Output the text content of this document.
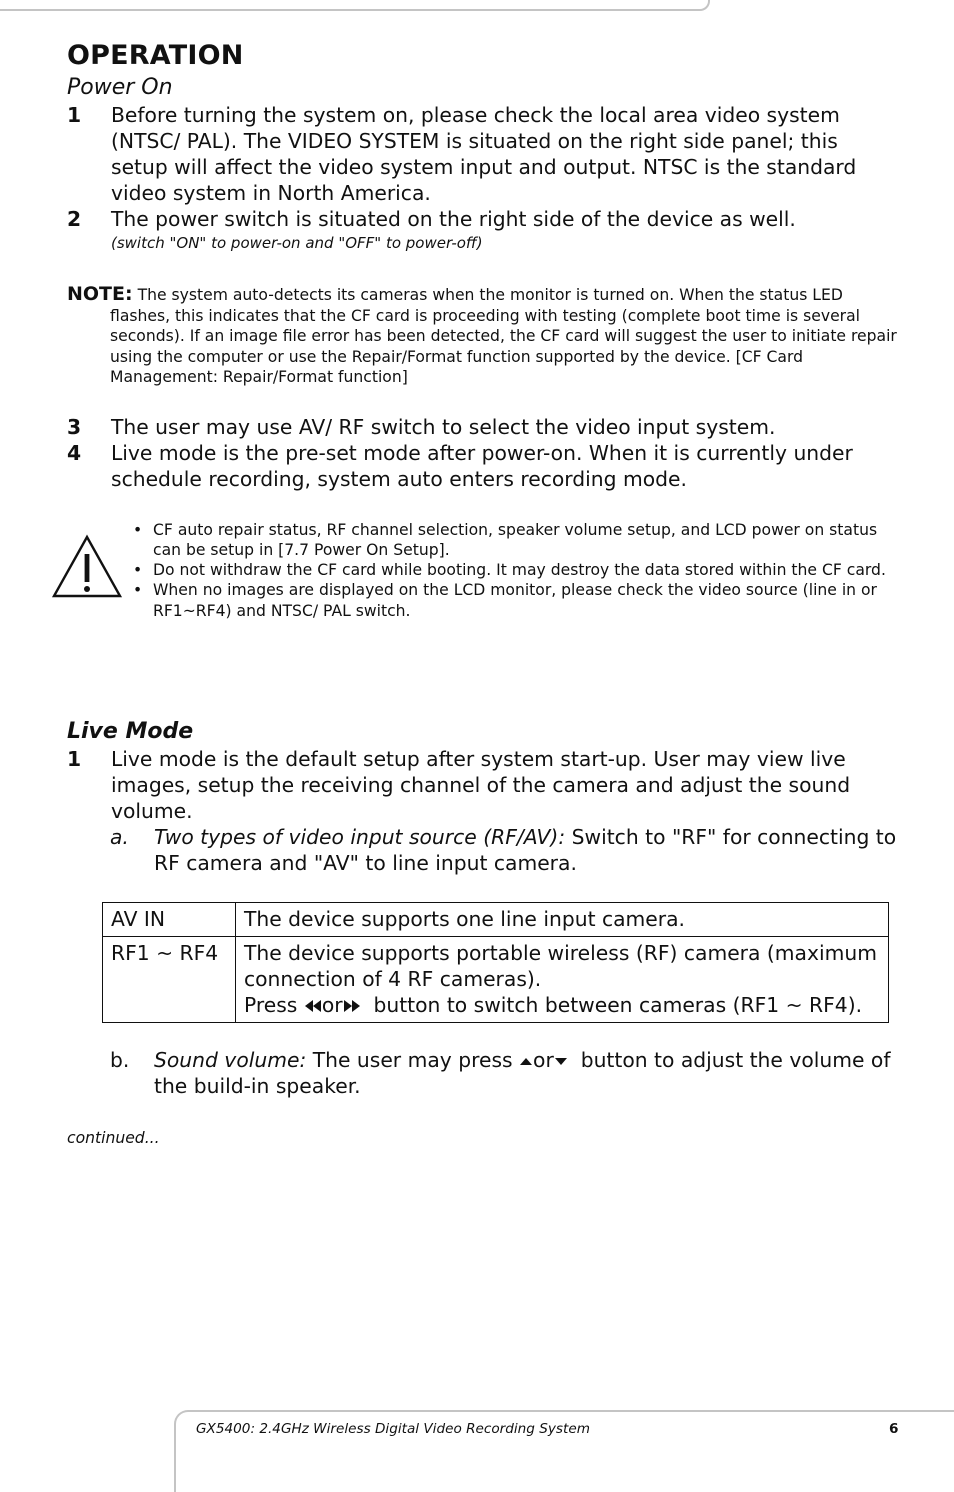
OPERATION
Power On
1 Before turning the system on, please check the local area video system (NTSC/ PAL). The VIDEO SYSTEM is situated on the right side panel; this setup will affect the video system input and output. NTSC is the standard video system in North America.
2 The power switch is situated on the right side of the device as well.
(switch "ON" to power-on and "OFF" to power-off)
NOTE: The system auto-detects its cameras when the monitor is turned on. When the status LED flashes, this indicates that the CF card is proceeding with testing (complete boot time is several seconds). If an image file error has been detected, the CF card will suggest the user to initiate repair using the computer or use the Repair/Format function supported by the device. [CF Card Management: Repair/Format function]
3 The user may use AV/ RF switch to select the video input system.
4 Live mode is the pre-set mode after power-on. When it is currently under schedule recording, system auto enters recording mode.
• CF auto repair status, RF channel selection, speaker volume setup, and LCD power on status can be setup in [7.7 Power On Setup].
• Do not withdraw the CF card while booting. It may destroy the data stored within the CF card.
• When no images are displayed on the LCD monitor, please check the video source (line in or RF1~RF4) and NTSC/ PAL switch.
Live Mode
1 Live mode is the default setup after system start-up. User may view live images, setup the receiving channel of the camera and adjust the sound volume.
a. Two types of video input source (RF/AV): Switch to "RF" for connecting to RF camera and "AV" to line input camera.
AV IN	The device supports one line input camera.
RF1 ~ RF4	The device supports portable wireless (RF) camera (maximum connection of 4 RF cameras).
Press or button to switch between cameras (RF1 ~ RF4).
b. Sound volume: The user may press or button to adjust the volume of the build-in speaker.
continued...
GX5400: 2.4GHz Wireless Digital Video Recording System	6
